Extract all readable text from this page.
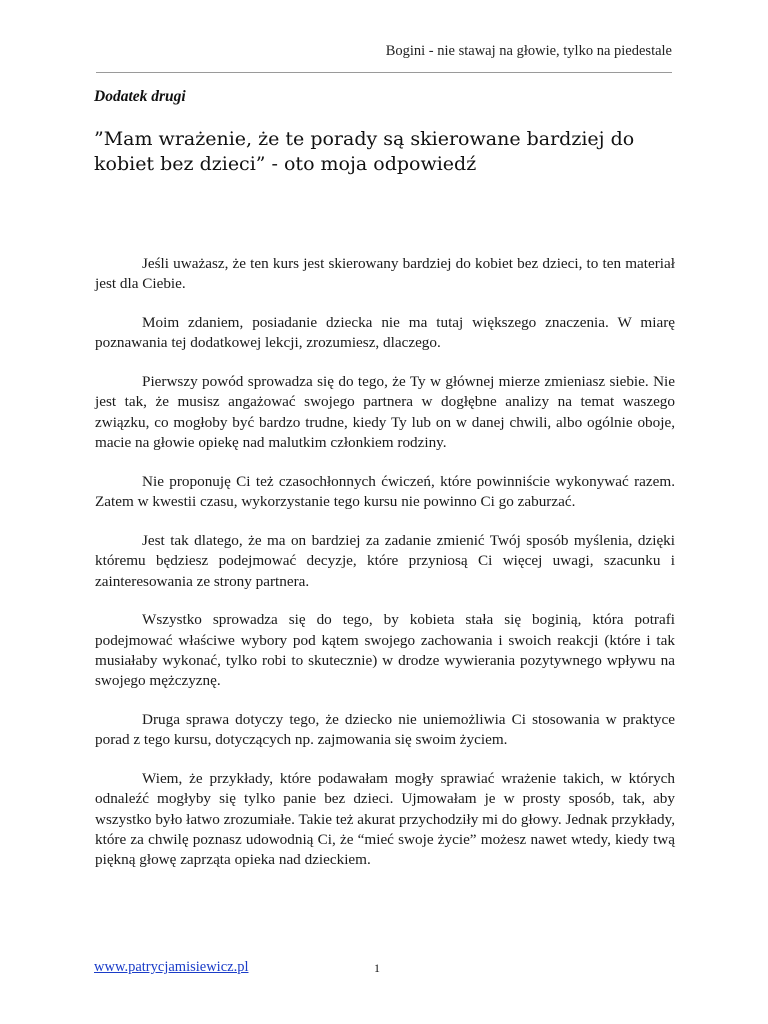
Bogini - nie stawaj na głowie, tylko na piedestale
Dodatek drugi
”Mam wrażenie, że te porady są skierowane bardziej do kobiet bez dzieci” - oto moja odpowiedź

Jeśli uważasz, że ten kurs jest skierowany bardziej do kobiet bez dzieci, to ten materiał jest dla Ciebie.

Moim zdaniem, posiadanie dziecka nie ma tutaj większego znaczenia. W miarę poznawania tej dodatkowej lekcji, zrozumiesz, dlaczego.

Pierwszy powód sprowadza się do tego, że Ty w głównej mierze zmieniasz siebie. Nie jest tak, że musisz angażować swojego partnera w dogłębne analizy na temat waszego związku, co mogłoby być bardzo trudne, kiedy Ty lub on w danej chwili, albo ogólnie oboje, macie na głowie opiekę nad malutkim członkiem rodziny.

Nie proponuję Ci też czasochłonnych ćwiczeń, które powinniście wykonywać razem. Zatem w kwestii czasu, wykorzystanie tego kursu nie powinno Ci go zaburzać.

Jest tak dlatego, że ma on bardziej za zadanie zmienić Twój sposób myślenia, dzięki któremu będziesz podejmować decyzje, które przyniosą Ci więcej uwagi, szacunku i zainteresowania ze strony partnera.

Wszystko sprowadza się do tego, by kobieta stała się boginią, która potrafi podejmować właściwe wybory pod kątem swojego zachowania i swoich reakcji (które i tak musiałaby wykonać, tylko robi to skutecznie) w drodze wywierania pozytywnego wpływu na swojego mężczyznę.

Druga sprawa dotyczy tego, że dziecko nie uniemożliwia Ci stosowania w praktyce porad z tego kursu, dotyczących np. zajmowania się swoim życiem.

Wiem, że przykłady, które podawałam mogły sprawiać wrażenie takich, w których odnaleźć mogłyby się tylko panie bez dzieci. Ujmowałam je w prosty sposób, tak, aby wszystko było łatwo zrozumiałe. Takie też akurat przychodziły mi do głowy. Jednak przykłady, które za chwilę poznasz udowodnią Ci, że “mieć swoje życie” możesz nawet wtedy, kiedy twą piękną głowę zaprząta opieka nad dzieckiem.

www.patrycjamisiewicz.pl	1
